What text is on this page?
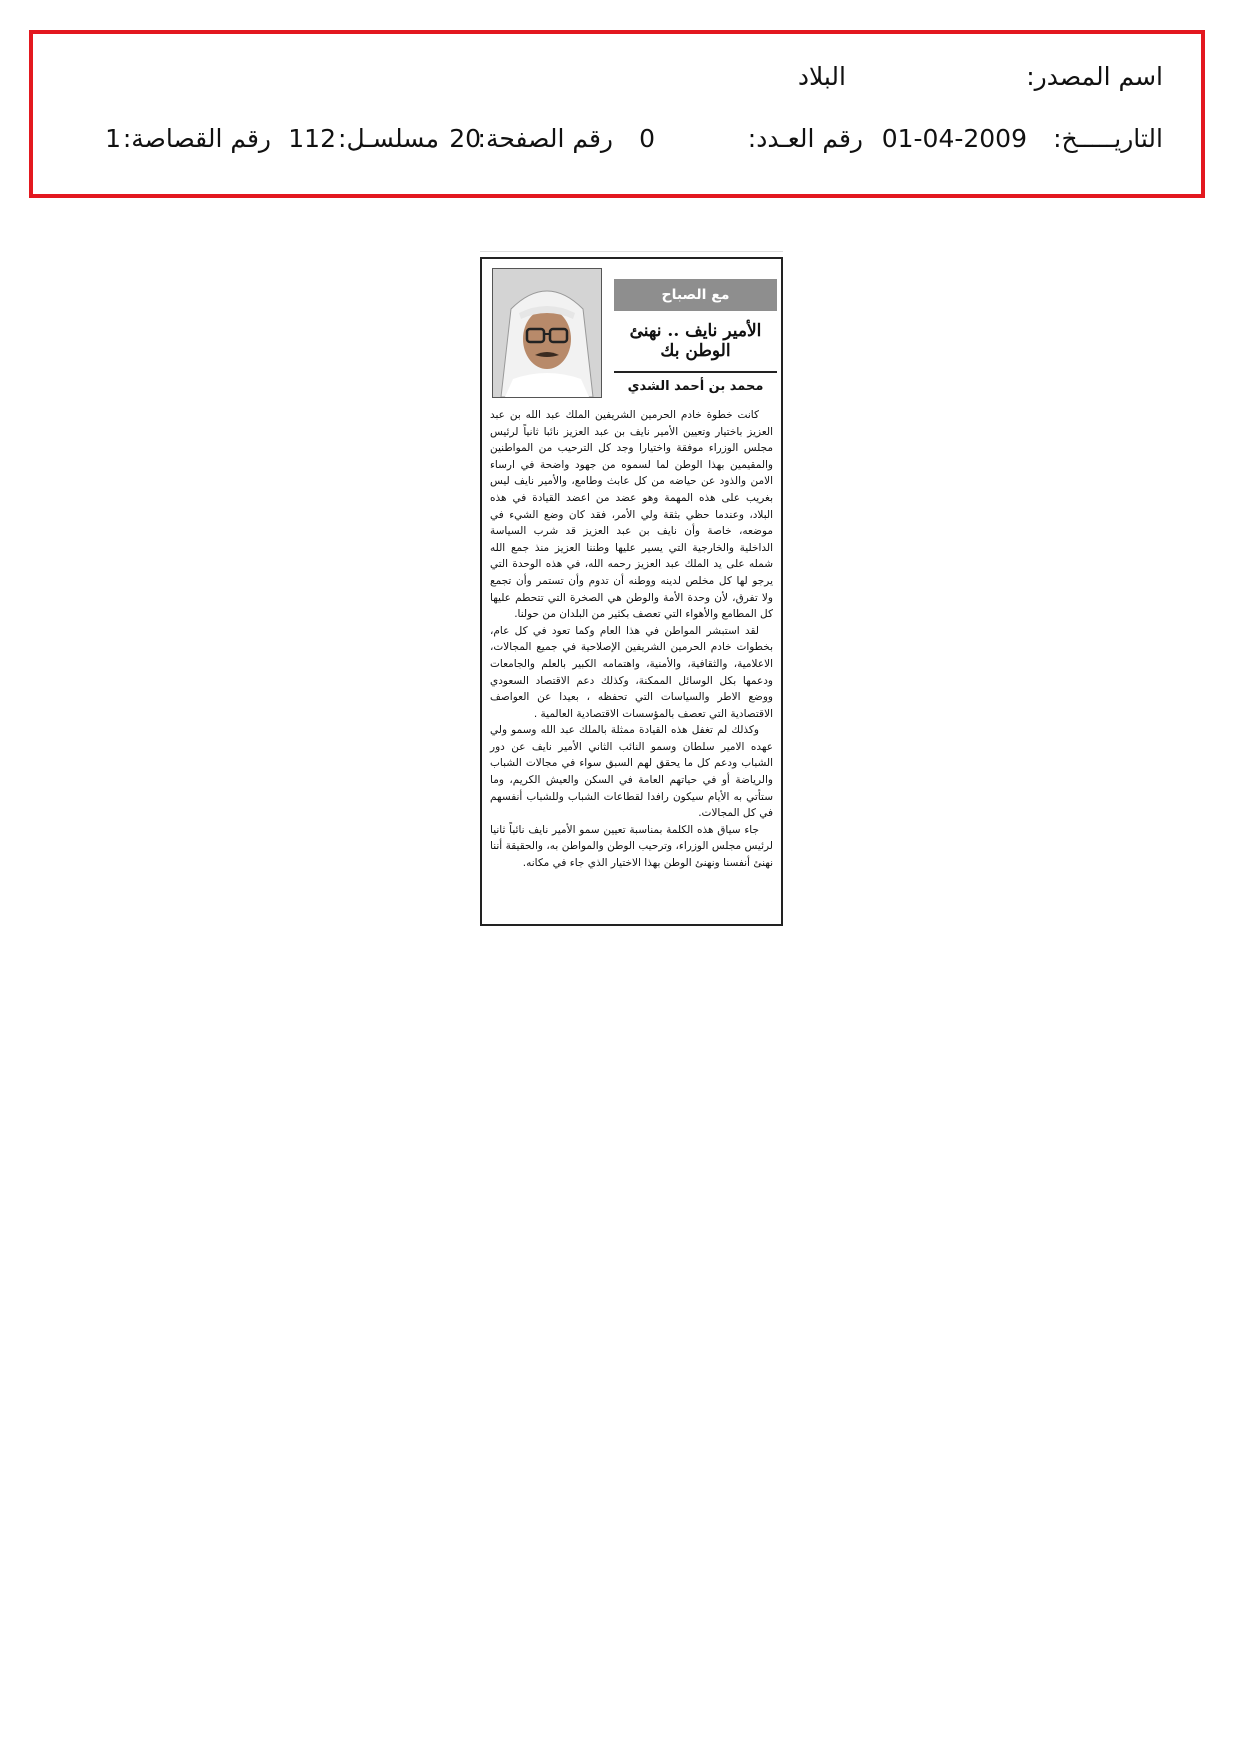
اسم المصدر:
البلاد
التاريـــــخ:
01-04-2009
رقم العـدد:
0
رقم الصفحة:
20
مسلسـل:
112
رقم القصاصة:
1
مع الصباح
الأمير نايف .. نهنئ الوطن بك
محمد بن أحمد الشدي

كانت خطوة خادم الحرمين الشريفين الملك عبد الله بن عبد العزيز باختيار وتعيين الأمير نايف بن عبد العزيز نائبا ثانياً لرئيس مجلس الوزراء موفقة واختيارا وجد كل الترحيب من المواطنين والمقيمين بهذا الوطن لما لسموه من جهود واضحة في ارساء الامن والذود عن حياضه من كل عابث وطامع، والأمير نايف ليس بغريب على هذه المهمة وهو عضد من اعضد القيادة في هذه البلاد، وعندما حظي بثقة ولي الأمر، فقد كان وضع الشيء في موضعه، خاصة وأن نايف بن عبد العزيز قد شرب السياسة الداخلية والخارجية التي يسير عليها وطننا العزيز منذ جمع الله شمله على يد الملك عبد العزيز رحمه الله، في هذه الوحدة التي يرجو لها كل مخلص لدينه ووطنه أن تدوم وأن تستمر وأن تجمع ولا تفرق، لأن وحدة الأمة والوطن هي الصخرة التي تتحطم عليها كل المطامع والأهواء التي تعصف بكثير من البلدان من حولنا.

لقد استبشر المواطن في هذا العام وكما تعود في كل عام، بخطوات خادم الحرمين الشريفين الإصلاحية في جميع المجالات، الاعلامية، والثقافية، والأمنية، واهتمامه الكبير بالعلم والجامعات ودعمها بكل الوسائل الممكنة، وكذلك دعم الاقتصاد السعودي ووضع الاطر والسياسات التي تحفظه ، بعيدا عن العواصف الاقتصادية التي تعصف بالمؤسسات الاقتصادية العالمية .

وكذلك لم تغفل هذه القيادة ممثلة بالملك عبد الله وسمو ولي عهده الامير سلطان وسمو النائب الثاني الأمير نايف عن دور الشباب ودعم كل ما يحقق لهم السبق سواء في مجالات الشباب والرياضة أو في حياتهم العامة في السكن والعيش الكريم، وما ستأتي به الأيام سيكون رافدا لقطاعات الشباب وللشباب أنفسهم في كل المجالات.

جاء سياق هذه الكلمة بمناسبة تعيين سمو الأمير نايف نائباً ثانيا لرئيس مجلس الوزراء، وترحيب الوطن والمواطن به، والحقيقة أننا نهنئ أنفسنا ونهنئ الوطن بهذا الاختيار الذي جاء في مكانه.
